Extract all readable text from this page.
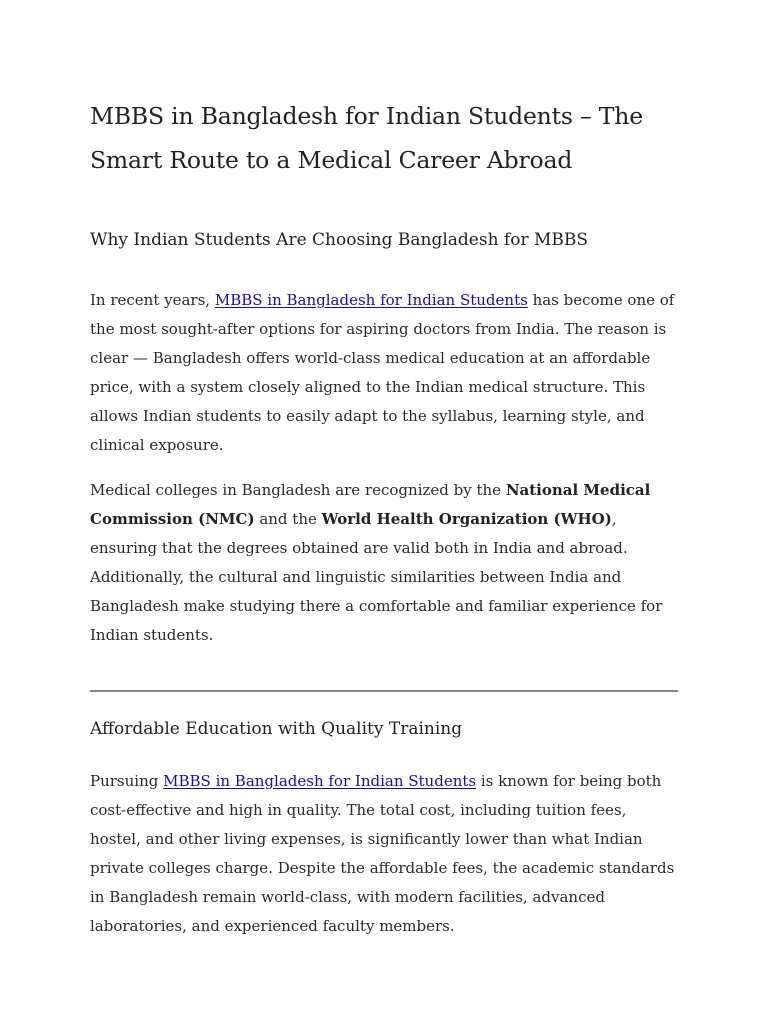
MBBS in Bangladesh for Indian Students – The Smart Route to a Medical Career Abroad
Why Indian Students Are Choosing Bangladesh for MBBS

In recent years, MBBS in Bangladesh for Indian Students has become one of the most sought-after options for aspiring doctors from India. The reason is clear — Bangladesh offers world-class medical education at an affordable price, with a system closely aligned to the Indian medical structure. This allows Indian students to easily adapt to the syllabus, learning style, and clinical exposure.

Medical colleges in Bangladesh are recognized by the National Medical Commission (NMC) and the World Health Organization (WHO), ensuring that the degrees obtained are valid both in India and abroad. Additionally, the cultural and linguistic similarities between India and Bangladesh make studying there a comfortable and familiar experience for Indian students.

Affordable Education with Quality Training

Pursuing MBBS in Bangladesh for Indian Students is known for being both cost-effective and high in quality. The total cost, including tuition fees, hostel, and other living expenses, is significantly lower than what Indian private colleges charge. Despite the affordable fees, the academic standards in Bangladesh remain world-class, with modern facilities, advanced laboratories, and experienced faculty members.
